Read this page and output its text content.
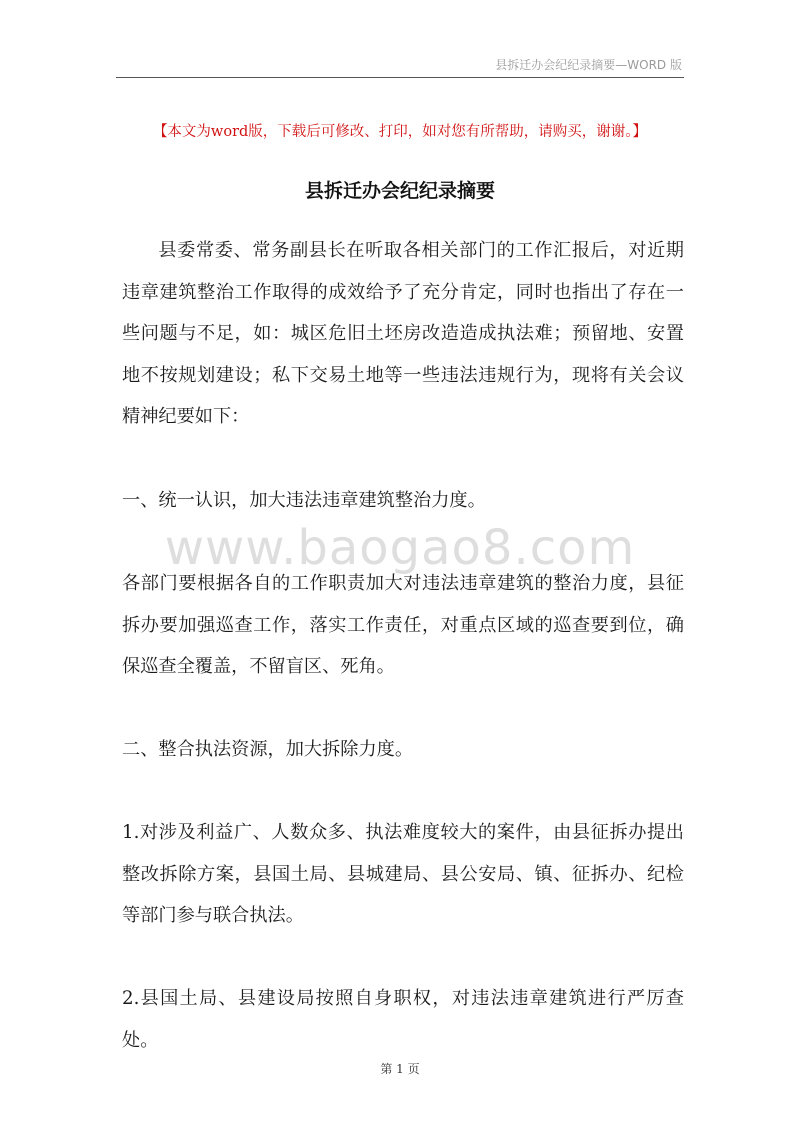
县拆迁办会纪纪录摘要—WORD 版
【本文为word版，下载后可修改、打印，如对您有所帮助，请购买，谢谢。】
县拆迁办会纪纪录摘要

县委常委、常务副县长在听取各相关部门的工作汇报后，对近期违章建筑整治工作取得的成效给予了充分肯定，同时也指出了存在一些问题与不足，如：城区危旧土坯房改造造成执法难；预留地、安置地不按规划建设；私下交易土地等一些违法违规行为，现将有关会议精神纪要如下：

一、统一认识，加大违法违章建筑整治力度。

www.baogao8.com

各部门要根据各自的工作职责加大对违法违章建筑的整治力度，县征拆办要加强巡查工作，落实工作责任，对重点区域的巡查要到位，确保巡查全覆盖，不留盲区、死角。

二、整合执法资源，加大拆除力度。

1.对涉及利益广、人数众多、执法难度较大的案件，由县征拆办提出整改拆除方案，县国土局、县城建局、县公安局、镇、征拆办、纪检等部门参与联合执法。

2.县国土局、县建设局按照自身职权，对违法违章建筑进行严厉查处。

第 1 页
